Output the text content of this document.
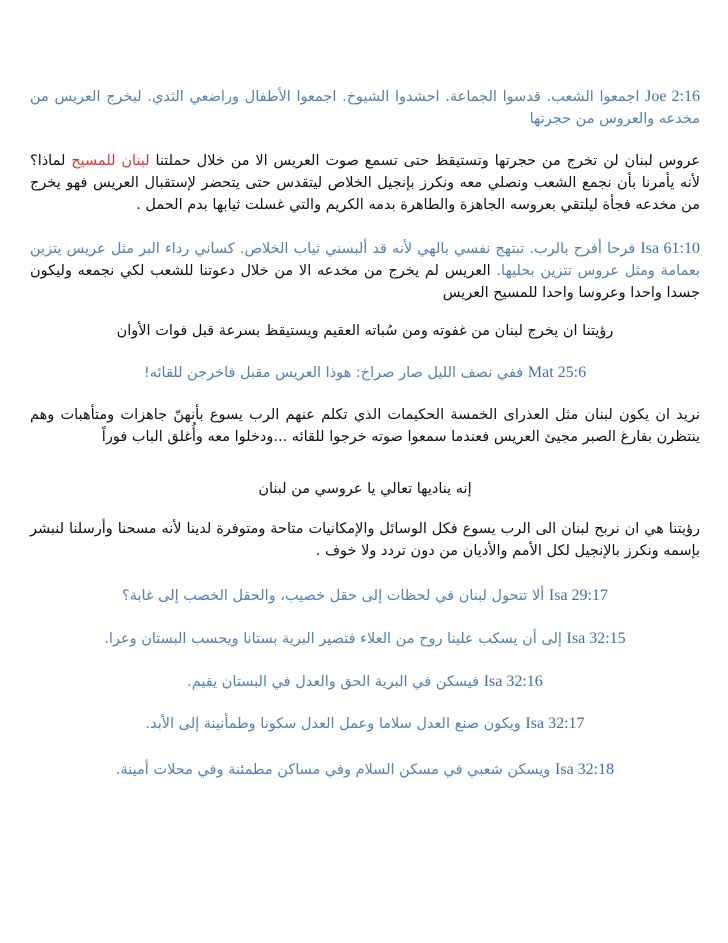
Joe 2:16 اجمعوا الشعب. قدسوا الجماعة. احشدوا الشيوخ. اجمعوا الأطفال وراضعي الثدي. ليخرج العريس من مخدعه والعروس من حجرتها

عروس لبنان لن تخرج من حجرتها وتستيقظ حتى تسمع صوت العريس الا من خلال حملتنا لبنان للمسيح لماذا؟ لأنه يأمرنا بأن نجمع الشعب ونصلي معه ونكرز بإنجيل الخلاص ليتقدس حتى يتحضر لإستقبال العريس فهو يخرج من مخدعه فجأة ليلتقي بعروسه الجاهزة والطاهرة بدمه الكريم والتي غسلت ثيابها بدم الحمل .

Isa 61:10 فرحا أفرح بالرب. تبتهج نفسي بالهي لأنه قد ألبسني ثياب الخلاص. كساني رداء البر مثل عريس يتزين بعمامة ومثل عروس تتزين بحليها. العريس لم يخرج من مخدعه الا من خلال دعوتنا للشعب لكي نجمعه وليكون جسدا واحدا وعروسا واحدا للمسيح العريس

رؤيتنا ان يخرج لبنان من غفوته ومن سُباته العقيم ويستيقظ بسرعة قبل فوات الأوان

Mat 25:6 ففي نصف الليل صار صراخ: هوذا العريس مقبل فاخرجن للقائه!

نريد ان يكون لبنان مثل العذراى الخمسة الحكيمات الذي تكلم عنهم الرب يسوع بأنهنّ جاهزات ومتأهبات وهم ينتظرن بفارغ الصبر مجيئ العريس فعندما سمعوا صوته خرجوا للقائه ...ودخلوا معه وأُغلق الباب فوراً

إنه يناديها تعالي يا عروسي من لبنان

رؤيتنا هي ان نربح لبنان الى الرب يسوع فكل الوسائل والإمكانيات متاحة ومتوفرة لدينا لأنه مسحنا وأرسلنا لنبشر بإسمه ونكرز بالإنجيل لكل الأمم والأديان من دون تردد ولا خوف .

Isa 29:17 ألا تتحول لبنان في لحظات إلى حقل خصيب، والحقل الخصب إلى غابة؟

Isa 32:15 إلى أن يسكب علينا روح من العلاء فتصير البرية بستانا ويحسب البستان وعرا.

Isa 32:16 فيسكن في البرية الحق والعدل في البستان يقيم.

Isa 32:17 ويكون صنع العدل سلاما وعمل العدل سكونا وطمأنينة إلى الأبد.

Isa 32:18 ويسكن شعبي في مسكن السلام وفي مساكن مطمئنة وفي محلات أمينة.
